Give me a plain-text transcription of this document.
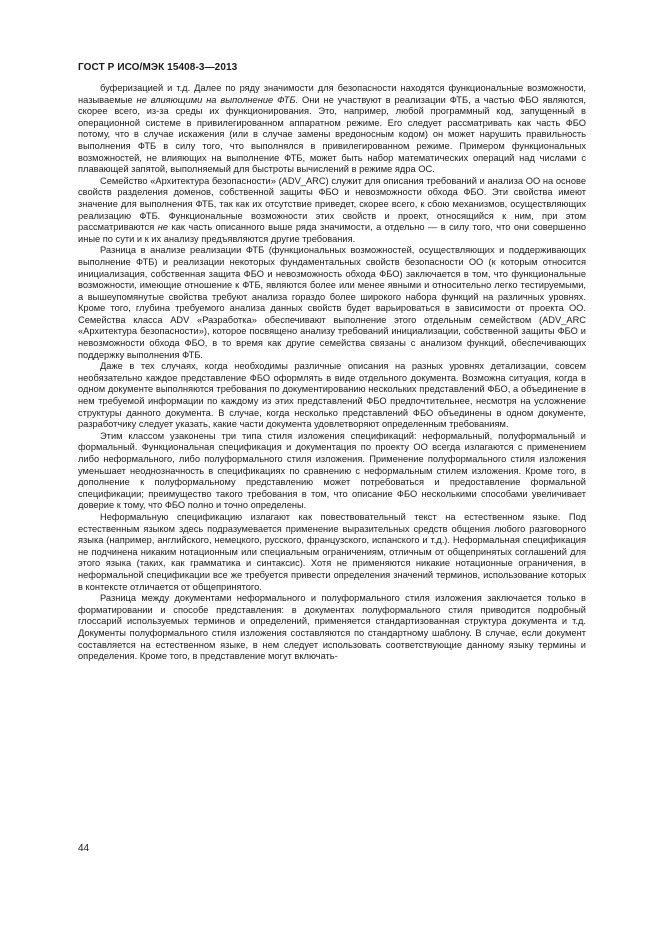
ГОСТ Р ИСО/МЭК 15408-3—2013

буферизацией и т.д. Далее по ряду значимости для безопасности находятся функциональные возможности, называемые не влияющими на выполнение ФТБ. Они не участвуют в реализации ФТБ, а частью ФБО являются, скорее всего, из-за среды их функционирования. Это, например, любой программный код, запущенный в операционной системе в привилегированном аппаратном режиме. Его следует рассматривать как часть ФБО потому, что в случае искажения (или в случае замены вредоносным кодом) он может нарушить правильность выполнения ФТБ в силу того, что выполнялся в привилегированном режиме. Примером функциональных возможностей, не влияющих на выполнение ФТБ, может быть набор математических операций над числами с плавающей запятой, выполняемый для быстроты вычислений в режиме ядра ОС.

Семейство «Архитектура безопасности» (ADV_ARC) служит для описания требований и анализа ОО на основе свойств разделения доменов, собственной защиты ФБО и невозможности обхода ФБО. Эти свойства имеют значение для выполнения ФТБ, так как их отсутствие приведет, скорее всего, к сбою механизмов, осуществляющих реализацию ФТБ. Функциональные возможности этих свойств и проект, относящийся к ним, при этом рассматриваются не как часть описанного выше ряда значимости, а отдельно — в силу того, что они совершенно иные по сути и к их анализу предъявляются другие требования.

Разница в анализе реализации ФТБ (функциональных возможностей, осуществляющих и поддерживающих выполнение ФТБ) и реализации некоторых фундаментальных свойств безопасности ОО (к которым относится инициализация, собственная защита ФБО и невозможность обхода ФБО) заключается в том, что функциональные возможности, имеющие отношение к ФТБ, являются более или менее явными и относительно легко тестируемыми, а вышеупомянутые свойства требуют анализа гораздо более широкого набора функций на различных уровнях. Кроме того, глубина требуемого анализа данных свойств будет варьироваться в зависимости от проекта ОО. Семейства класса ADV «Разработка» обеспечивают выполнение этого отдельным семейством (ADV_ARC «Архитектура безопасности»), которое посвящено анализу требований инициализации, собственной защиты ФБО и невозможности обхода ФБО, в то время как другие семейства связаны с анализом функций, обеспечивающих поддержку выполнения ФТБ.

Даже в тех случаях, когда необходимы различные описания на разных уровнях детализации, совсем необязательно каждое представление ФБО оформлять в виде отдельного документа. Возможна ситуация, когда в одном документе выполняются требования по документированию нескольких представлений ФБО, а объединение в нем требуемой информации по каждому из этих представлений ФБО предпочтительнее, несмотря на усложнение структуры данного документа. В случае, когда несколько представлений ФБО объединены в одном документе, разработчику следует указать, какие части документа удовлетворяют определенным требованиям.

Этим классом узаконены три типа стиля изложения спецификаций: неформальный, полуформальный и формальный. Функциональная спецификация и документация по проекту ОО всегда излагаются с применением либо неформального, либо полуформального стиля изложения. Применение полуформального стиля изложения уменьшает неоднозначность в спецификациях по сравнению с неформальным стилем изложения. Кроме того, в дополнение к полуформальному представлению может потребоваться и предоставление формальной спецификации; преимущество такого требования в том, что описание ФБО несколькими способами увеличивает доверие к тому, что ФБО полно и точно определены.

Неформальную спецификацию излагают как повествовательный текст на естественном языке. Под естественным языком здесь подразумевается применение выразительных средств общения любого разговорного языка (например, английского, немецкого, русского, французского, испанского и т.д.). Неформальная спецификация не подчинена никаким нотационным или специальным ограничениям, отличным от общепринятых соглашений для этого языка (таких, как грамматика и синтаксис). Хотя не применяются никакие нотационные ограничения, в неформальной спецификации все же требуется привести определения значений терминов, использование которых в контексте отличается от общепринятого.

Разница между документами неформального и полуформального стиля изложения заключается только в форматировании и способе представления: в документах полуформального стиля приводится подробный глоссарий используемых терминов и определений, применяется стандартизованная структура документа и т.д. Документы полуформального стиля изложения составляются по стандартному шаблону. В случае, если документ составляется на естественном языке, в нем следует использовать соответствующие данному языку термины и определения. Кроме того, в представление могут включать-

44
